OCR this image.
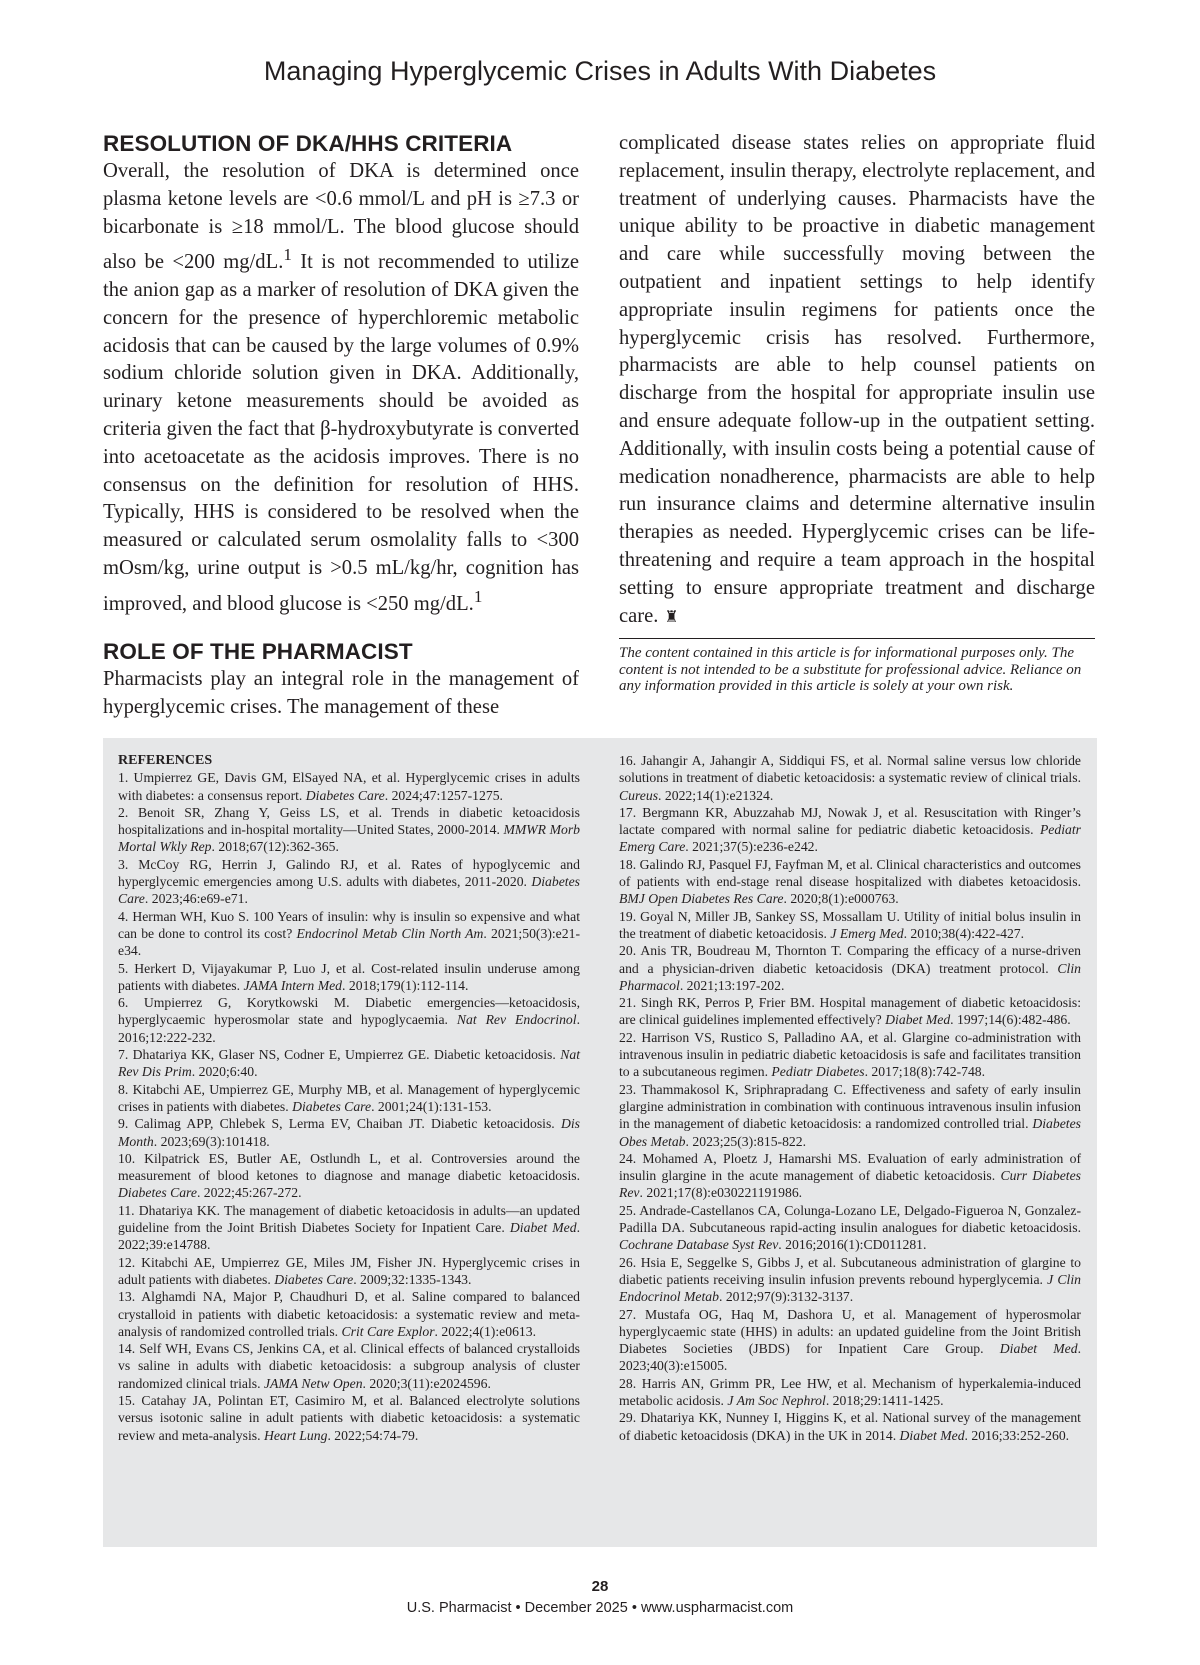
Managing Hyperglycemic Crises in Adults With Diabetes
RESOLUTION OF DKA/HHS CRITERIA

Overall, the resolution of DKA is determined once plasma ketone levels are <0.6 mmol/L and pH is ≥7.3 or bicarbonate is ≥18 mmol/L. The blood glucose should also be <200 mg/dL.$^1$ It is not recommended to utilize the anion gap as a marker of resolution of DKA given the concern for the presence of hyperchloremic metabolic acidosis that can be caused by the large volumes of 0.9% sodium chloride solution given in DKA. Additionally, urinary ketone measurements should be avoided as criteria given the fact that β-hydroxybutyrate is converted into acetoacetate as the acidosis improves. There is no consensus on the definition for resolution of HHS. Typically, HHS is considered to be resolved when the measured or calculated serum osmolality falls to <300 mOsm/kg, urine output is >0.5 mL/kg/hr, cognition has improved, and blood glucose is <250 mg/dL.$^1$

ROLE OF THE PHARMACIST

Pharmacists play an integral role in the management of hyperglycemic crises. The management of these

complicated disease states relies on appropriate fluid replacement, insulin therapy, electrolyte replacement, and treatment of underlying causes. Pharmacists have the unique ability to be proactive in diabetic management and care while successfully moving between the outpatient and inpatient settings to help identify appropriate insulin regimens for patients once the hyperglycemic crisis has resolved. Furthermore, pharmacists are able to help counsel patients on discharge from the hospital for appropriate insulin use and ensure adequate follow-up in the outpatient setting. Additionally, with insulin costs being a potential cause of medication nonadherence, pharmacists are able to help run insurance claims and determine alternative insulin therapies as needed. Hyperglycemic crises can be life-threatening and require a team approach in the hospital setting to ensure appropriate treatment and discharge care. ♜

The content contained in this article is for informational purposes only. The content is not intended to be a substitute for professional advice. Reliance on any information provided in this article is solely at your own risk.

REFERENCES

1. Umpierrez GE, Davis GM, ElSayed NA, et al. Hyperglycemic crises in adults with diabetes: a consensus report. Diabetes Care. 2024;47:1257-1275.

2. Benoit SR, Zhang Y, Geiss LS, et al. Trends in diabetic ketoacidosis hospitalizations and in-hospital mortality—United States, 2000-2014. MMWR Morb Mortal Wkly Rep. 2018;67(12):362-365.

3. McCoy RG, Herrin J, Galindo RJ, et al. Rates of hypoglycemic and hyperglycemic emergencies among U.S. adults with diabetes, 2011-2020. Diabetes Care. 2023;46:e69-e71.

4. Herman WH, Kuo S. 100 Years of insulin: why is insulin so expensive and what can be done to control its cost? Endocrinol Metab Clin North Am. 2021;50(3):e21-e34.

5. Herkert D, Vijayakumar P, Luo J, et al. Cost-related insulin underuse among patients with diabetes. JAMA Intern Med. 2018;179(1):112-114.

6. Umpierrez G, Korytkowski M. Diabetic emergencies—ketoacidosis, hyperglycaemic hyperosmolar state and hypoglycaemia. Nat Rev Endocrinol. 2016;12:222-232.

7. Dhatariya KK, Glaser NS, Codner E, Umpierrez GE. Diabetic ketoacidosis. Nat Rev Dis Prim. 2020;6:40.

8. Kitabchi AE, Umpierrez GE, Murphy MB, et al. Management of hyperglycemic crises in patients with diabetes. Diabetes Care. 2001;24(1):131-153.

9. Calimag APP, Chlebek S, Lerma EV, Chaiban JT. Diabetic ketoacidosis. Dis Month. 2023;69(3):101418.

10. Kilpatrick ES, Butler AE, Ostlundh L, et al. Controversies around the measurement of blood ketones to diagnose and manage diabetic ketoacidosis. Diabetes Care. 2022;45:267-272.

11. Dhatariya KK. The management of diabetic ketoacidosis in adults—an updated guideline from the Joint British Diabetes Society for Inpatient Care. Diabet Med. 2022;39:e14788.

12. Kitabchi AE, Umpierrez GE, Miles JM, Fisher JN. Hyperglycemic crises in adult patients with diabetes. Diabetes Care. 2009;32:1335-1343.

13. Alghamdi NA, Major P, Chaudhuri D, et al. Saline compared to balanced crystalloid in patients with diabetic ketoacidosis: a systematic review and meta-analysis of randomized controlled trials. Crit Care Explor. 2022;4(1):e0613.

14. Self WH, Evans CS, Jenkins CA, et al. Clinical effects of balanced crystalloids vs saline in adults with diabetic ketoacidosis: a subgroup analysis of cluster randomized clinical trials. JAMA Netw Open. 2020;3(11):e2024596.

15. Catahay JA, Polintan ET, Casimiro M, et al. Balanced electrolyte solutions versus isotonic saline in adult patients with diabetic ketoacidosis: a systematic review and meta-analysis. Heart Lung. 2022;54:74-79.

16. Jahangir A, Jahangir A, Siddiqui FS, et al. Normal saline versus low chloride solutions in treatment of diabetic ketoacidosis: a systematic review of clinical trials. Cureus. 2022;14(1):e21324.

17. Bergmann KR, Abuzzahab MJ, Nowak J, et al. Resuscitation with Ringer’s lactate compared with normal saline for pediatric diabetic ketoacidosis. Pediatr Emerg Care. 2021;37(5):e236-e242.

18. Galindo RJ, Pasquel FJ, Fayfman M, et al. Clinical characteristics and outcomes of patients with end-stage renal disease hospitalized with diabetes ketoacidosis. BMJ Open Diabetes Res Care. 2020;8(1):e000763.

19. Goyal N, Miller JB, Sankey SS, Mossallam U. Utility of initial bolus insulin in the treatment of diabetic ketoacidosis. J Emerg Med. 2010;38(4):422-427.

20. Anis TR, Boudreau M, Thornton T. Comparing the efficacy of a nurse-driven and a physician-driven diabetic ketoacidosis (DKA) treatment protocol. Clin Pharmacol. 2021;13:197-202.

21. Singh RK, Perros P, Frier BM. Hospital management of diabetic ketoacidosis: are clinical guidelines implemented effectively? Diabet Med. 1997;14(6):482-486.

22. Harrison VS, Rustico S, Palladino AA, et al. Glargine co-administration with intravenous insulin in pediatric diabetic ketoacidosis is safe and facilitates transition to a subcutaneous regimen. Pediatr Diabetes. 2017;18(8):742-748.

23. Thammakosol K, Sriphrapradang C. Effectiveness and safety of early insulin glargine administration in combination with continuous intravenous insulin infusion in the management of diabetic ketoacidosis: a randomized controlled trial. Diabetes Obes Metab. 2023;25(3):815-822.

24. Mohamed A, Ploetz J, Hamarshi MS. Evaluation of early administration of insulin glargine in the acute management of diabetic ketoacidosis. Curr Diabetes Rev. 2021;17(8):e030221191986.

25. Andrade-Castellanos CA, Colunga-Lozano LE, Delgado-Figueroa N, Gonzalez-Padilla DA. Subcutaneous rapid-acting insulin analogues for diabetic ketoacidosis. Cochrane Database Syst Rev. 2016;2016(1):CD011281.

26. Hsia E, Seggelke S, Gibbs J, et al. Subcutaneous administration of glargine to diabetic patients receiving insulin infusion prevents rebound hyperglycemia. J Clin Endocrinol Metab. 2012;97(9):3132-3137.

27. Mustafa OG, Haq M, Dashora U, et al. Management of hyperosmolar hyperglycaemic state (HHS) in adults: an updated guideline from the Joint British Diabetes Societies (JBDS) for Inpatient Care Group. Diabet Med. 2023;40(3):e15005.

28. Harris AN, Grimm PR, Lee HW, et al. Mechanism of hyperkalemia-induced metabolic acidosis. J Am Soc Nephrol. 2018;29:1411-1425.

29. Dhatariya KK, Nunney I, Higgins K, et al. National survey of the management of diabetic ketoacidosis (DKA) in the UK in 2014. Diabet Med. 2016;33:252-260.

28
U.S. Pharmacist • December 2025 • www.uspharmacist.com
